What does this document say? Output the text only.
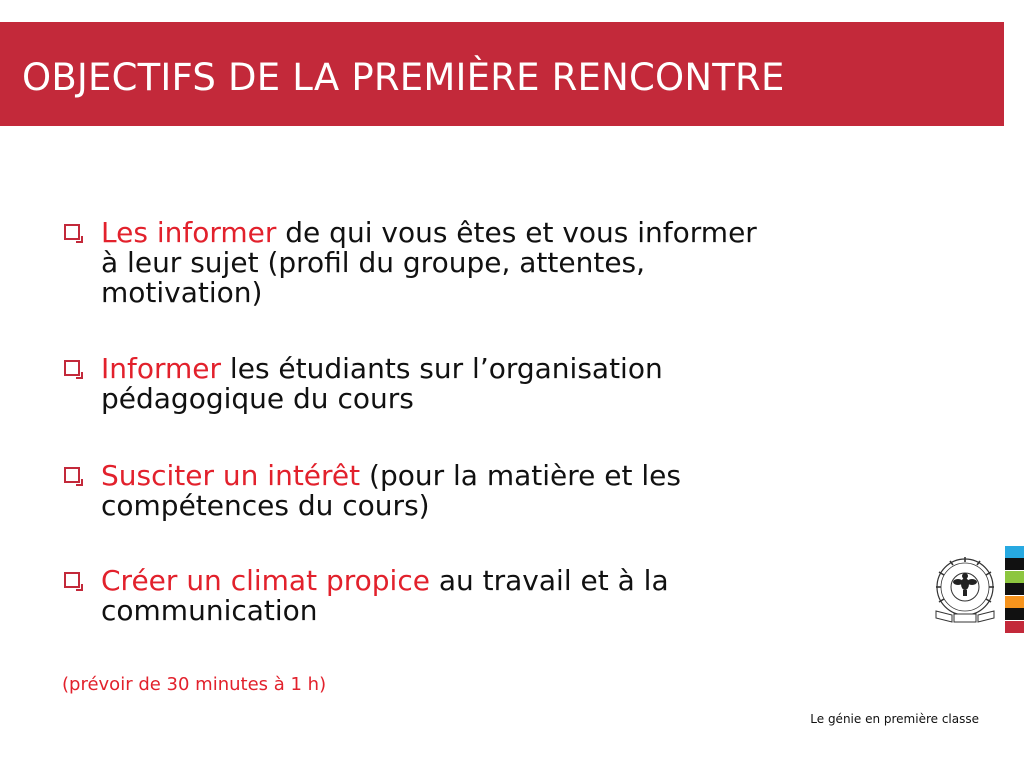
OBJECTIFS DE LA PREMIÈRE RENCONTRE
Les informer de qui vous êtes et vous informer
à leur sujet (profil du groupe, attentes,
motivation)
Informer les étudiants sur l’organisation
pédagogique du cours
Susciter un intérêt (pour la matière et les
compétences du cours)
Créer un climat propice au travail et à la
communication
(prévoir de 30 minutes à 1 h)
Le génie en première classe
